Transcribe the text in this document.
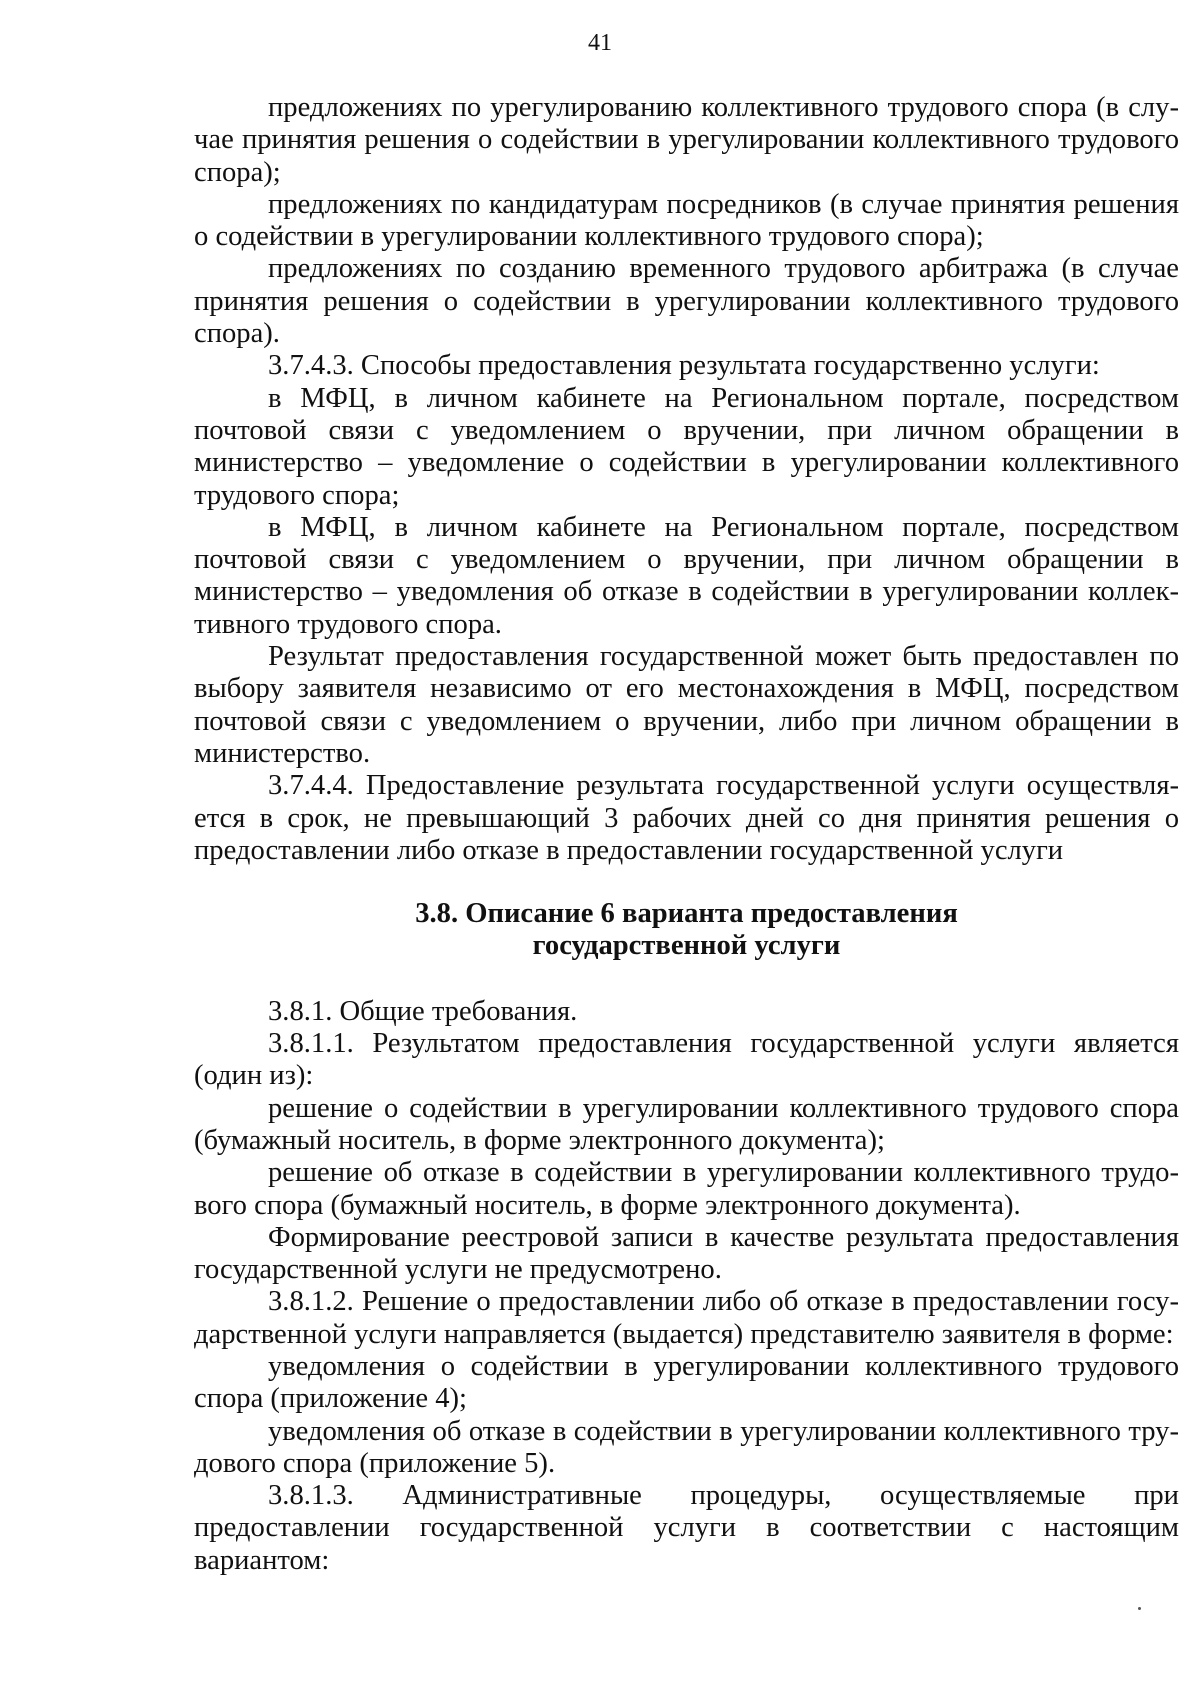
41

предложениях по урегулированию коллективного трудового спора (в случае принятия решения о содействии в урегулировании коллективного трудового спора);

предложениях по кандидатурам посредников (в случае принятия решения о содействии в урегулировании коллективного трудового спора);

предложениях по созданию временного трудового арбитража (в случае принятия решения о содействии в урегулировании коллективного трудового спора).

3.7.4.3. Способы предоставления результата государственно услуги:

в МФЦ, в личном кабинете на Региональном портале, посредством почтовой связи с уведомлением о вручении, при личном обращении в министерство – уведомление о содействии в урегулировании коллективного трудового спора;

в МФЦ, в личном кабинете на Региональном портале, посредством почтовой связи с уведомлением о вручении, при личном обращении в министерство – уведомления об отказе в содействии в урегулировании коллективного трудового спора.

Результат предоставления государственной может быть предоставлен по выбору заявителя независимо от его местонахождения в МФЦ, посредством почтовой связи с уведомлением о вручении, либо при личном обращении в министерство.

3.7.4.4. Предоставление результата государственной услуги осуществляется в срок, не превышающий 3 рабочих дней со дня принятия решения о предоставлении либо отказе в предоставлении государственной услуги

3.8. Описание 6 варианта предоставления
государственной услуги

3.8.1. Общие требования.

3.8.1.1. Результатом предоставления государственной услуги является (один из):

решение о содействии в урегулировании коллективного трудового спора (бумажный носитель, в форме электронного документа);

решение об отказе в содействии в урегулировании коллективного трудового спора (бумажный носитель, в форме электронного документа).

Формирование реестровой записи в качестве результата предоставления государственной услуги не предусмотрено.

3.8.1.2. Решение о предоставлении либо об отказе в предоставлении государственной услуги направляется (выдается) представителю заявителя в форме:

уведомления о содействии в урегулировании коллективного трудового спора (приложение 4);

уведомления об отказе в содействии в урегулировании коллективного трудового спора (приложение 5).

3.8.1.3. Административные процедуры, осуществляемые при предоставлении государственной услуги в соответствии с настоящим вариантом:
